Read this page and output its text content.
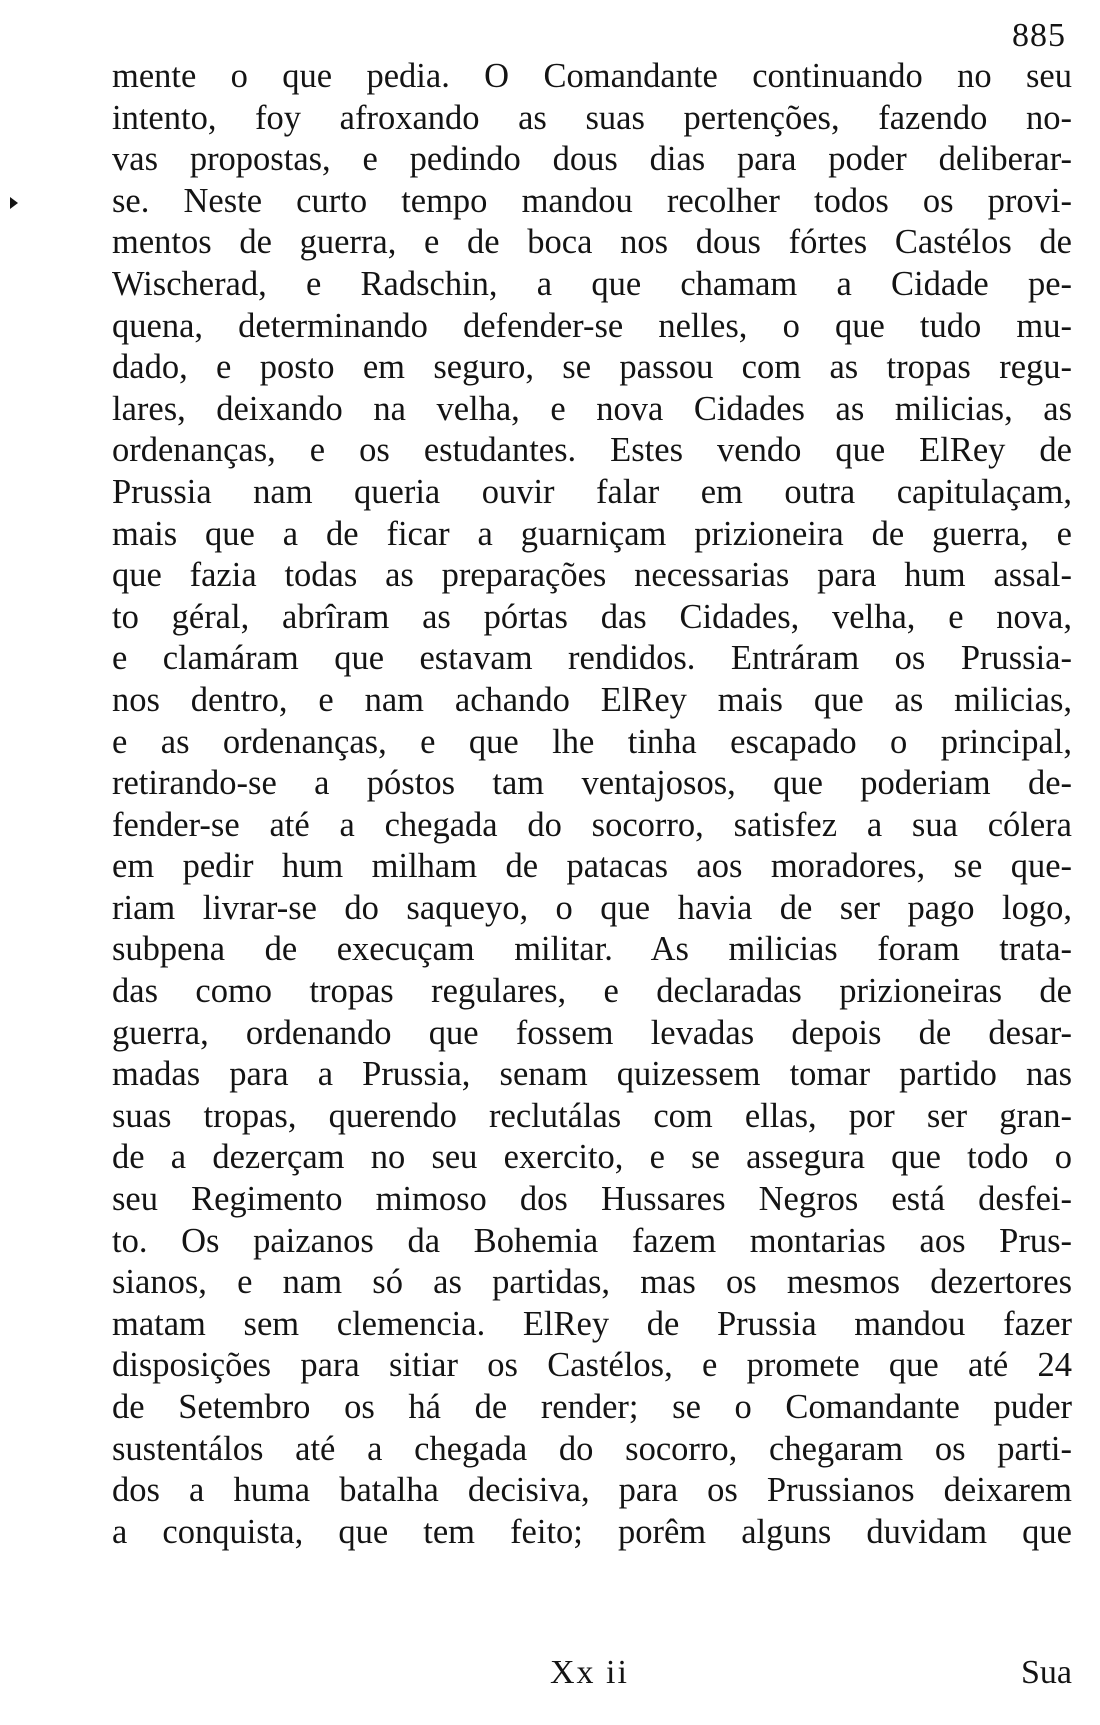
885
mente o que pedia. O Comandante continuando no seu
intento, foy afroxando as suas pertenções, fazendo no-
vas propostas, e pedindo dous dias para poder deliberar-
se. Neste curto tempo mandou recolher todos os provi-
mentos de guerra, e de boca nos dous fórtes Castélos de
Wischerad, e Radschin, a que chamam a Cidade pe-
quena, determinando defender-se nelles, o que tudo mu-
dado, e posto em seguro, se passou com as tropas regu-
lares, deixando na velha, e nova Cidades as milicias, as
ordenanças, e os estudantes. Estes vendo que ElRey de
Prussia nam queria ouvir falar em outra capitulaçam,
mais que a de ficar a guarniçam prizioneira de guerra, e
que fazia todas as preparações necessarias para hum assal-
to géral, abrîram as pórtas das Cidades, velha, e nova,
e clamáram que estavam rendidos. Entráram os Prussia-
nos dentro, e nam achando ElRey mais que as milicias,
e as ordenanças, e que lhe tinha escapado o principal,
retirando-se a póstos tam ventajosos, que poderiam de-
fender-se até a chegada do socorro, satisfez a sua cólera
em pedir hum milham de patacas aos moradores, se que-
riam livrar-se do saqueyo, o que havia de ser pago logo,
subpena de execuçam militar. As milicias foram trata-
das como tropas regulares, e declaradas prizioneiras de
guerra, ordenando que fossem levadas depois de desar-
madas para a Prussia, senam quizessem tomar partido nas
suas tropas, querendo reclutálas com ellas, por ser gran-
de a dezerçam no seu exercito, e se assegura que todo o
seu Regimento mimoso dos Hussares Negros está desfei-
to. Os paizanos da Bohemia fazem montarias aos Prus-
sianos, e nam só as partidas, mas os mesmos dezertores
matam sem clemencia. ElRey de Prussia mandou fazer
disposições para sitiar os Castélos, e promete que até 24
de Setembro os há de render; se o Comandante puder
sustentálos até a chegada do socorro, chegaram os parti-
dos a huma batalha decisiva, para os Prussianos deixarem
a conquista, que tem feito; porêm alguns duvidam que
Xx ii	Sua
